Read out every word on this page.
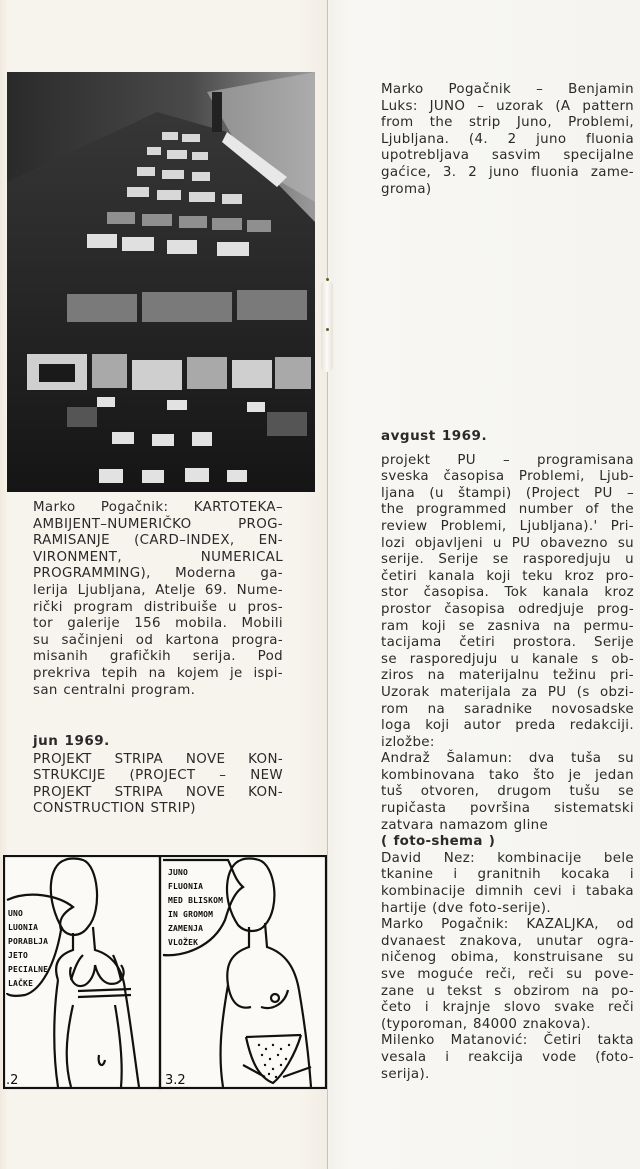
Marko Pogačnik: KARTOTEKA–
AMBIJENT–NUMERIČKO PROG-
RAMISANJE (CARD–INDEX, EN-
VIRONMENT, NUMERICAL
PROGRAMMING), Moderna ga-
lerija Ljubljana, Atelje 69. Nume-
rički program distribuiše u pros-
tor galerije 156 mobila. Mobili
su sačinjeni od kartona progra-
misanih grafičkih serija. Pod
prekriva tepih na kojem je ispi-
san centralni program.
jun 1969.
PROJEKT STRIPA NOVE KON-
STRUKCIJE (PROJECT – NEW
PROJEKT STRIPA NOVE KON-
CONSTRUCTION STRIP)
UNO
LUONIA
PORABLJA
JETO
PECIALNE
LAČKE
.2
JUNO
FLUONIA
MED BLISKOM
IN GROMOM
ZAMENJA
VLOŽEK
3.2
Marko Pogačnik – Benjamin
Luks: JUNO – uzorak (A pattern
from the strip Juno, Problemi,
Ljubljana. (4. 2 juno fluonia
upotrebljava sasvim specijalne
gaćice, 3. 2 juno fluonia zame-
groma)
avgust 1969.
projekt PU – programisana
sveska časopisa Problemi, Ljub-
ljana (u štampi) (Project PU –
the programmed number of the
review Problemi, Ljubljana).' Pri-
lozi objavljeni u PU obavezno su
serije. Serije se rasporedjuju u
četiri kanala koji teku kroz pro-
stor časopisa. Tok kanala kroz
prostor časopisa odredjuje prog-
ram koji se zasniva na permu-
tacijama četiri prostora. Serije
se rasporedjuju u kanale s ob-
ziros na materijalnu težinu pri-
Uzorak materijala za PU (s obzi-
rom na saradnike novosadske
loga koji autor preda redakciji.
izložbe:
Andraž Šalamun: dva tuša su
kombinovana tako što je jedan
tuš otvoren, drugom tušu se
rupičasta površina sistematski
zatvara namazom gline
( foto-shema )
David Nez: kombinacije bele
tkanine i granitnih kocaka i
kombinacije dimnih cevi i tabaka
hartije (dve foto-serije).
Marko Pogačnik: KAZALJKA, od
dvanaest znakova, unutar ogra-
ničenog obima, konstruisane su
sve moguće reči, reči su pove-
zane u tekst s obzirom na po-
četo i krajnje slovo svake reči
(typoroman, 84000 znakova).
Milenko Matanović: Četiri takta
vesala i reakcija vode (foto-
serija).
